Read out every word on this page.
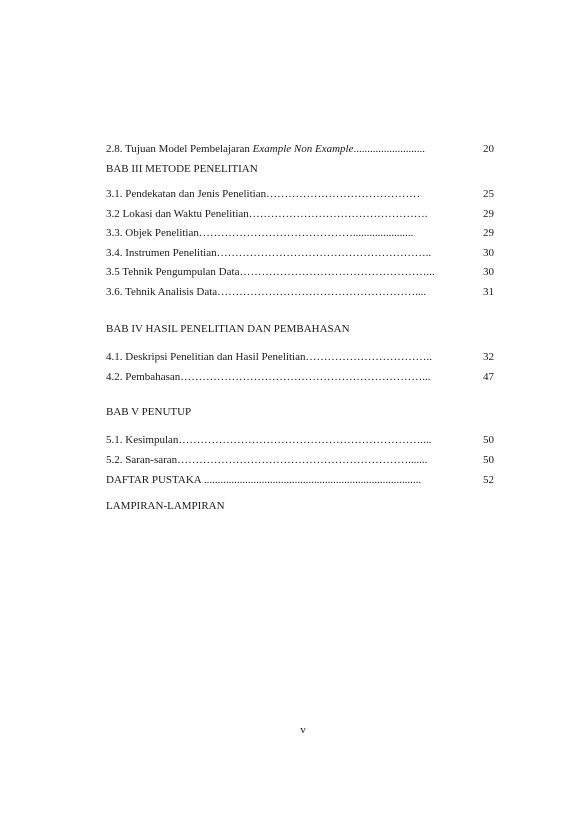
2.8. Tujuan Model Pembelajaran Example Non Example..........................	20
BAB III METODE PENELITIAN
3.1. Pendekatan dan Jenis Penelitian……………………………………	25
3.2 Lokasi dan Waktu Penelitian………………………………………….	29
3.3. Objek Penelitian……………………………………......................	29
3.4. Instrumen Penelitian…………………………………………………..	30
3.5 Tehnik Pengumpulan Data……………………………………………...	30
3.6. Tehnik Analisis Data………………………………………………....	31
BAB IV HASIL PENELITIAN DAN PEMBAHASAN
4.1. Deskripsi Penelitian dan Hasil Penelitian……………………………..	32
4.2. Pembahasan…………………………………………………………...	47
BAB V PENUTUP
5.1. Kesimpulan…………………………………………………………....	50
5.2. Saran-saran……………………………………………………….......	50
DAFTAR PUSTAKA ...............................................................................	52
LAMPIRAN-LAMPIRAN
v
